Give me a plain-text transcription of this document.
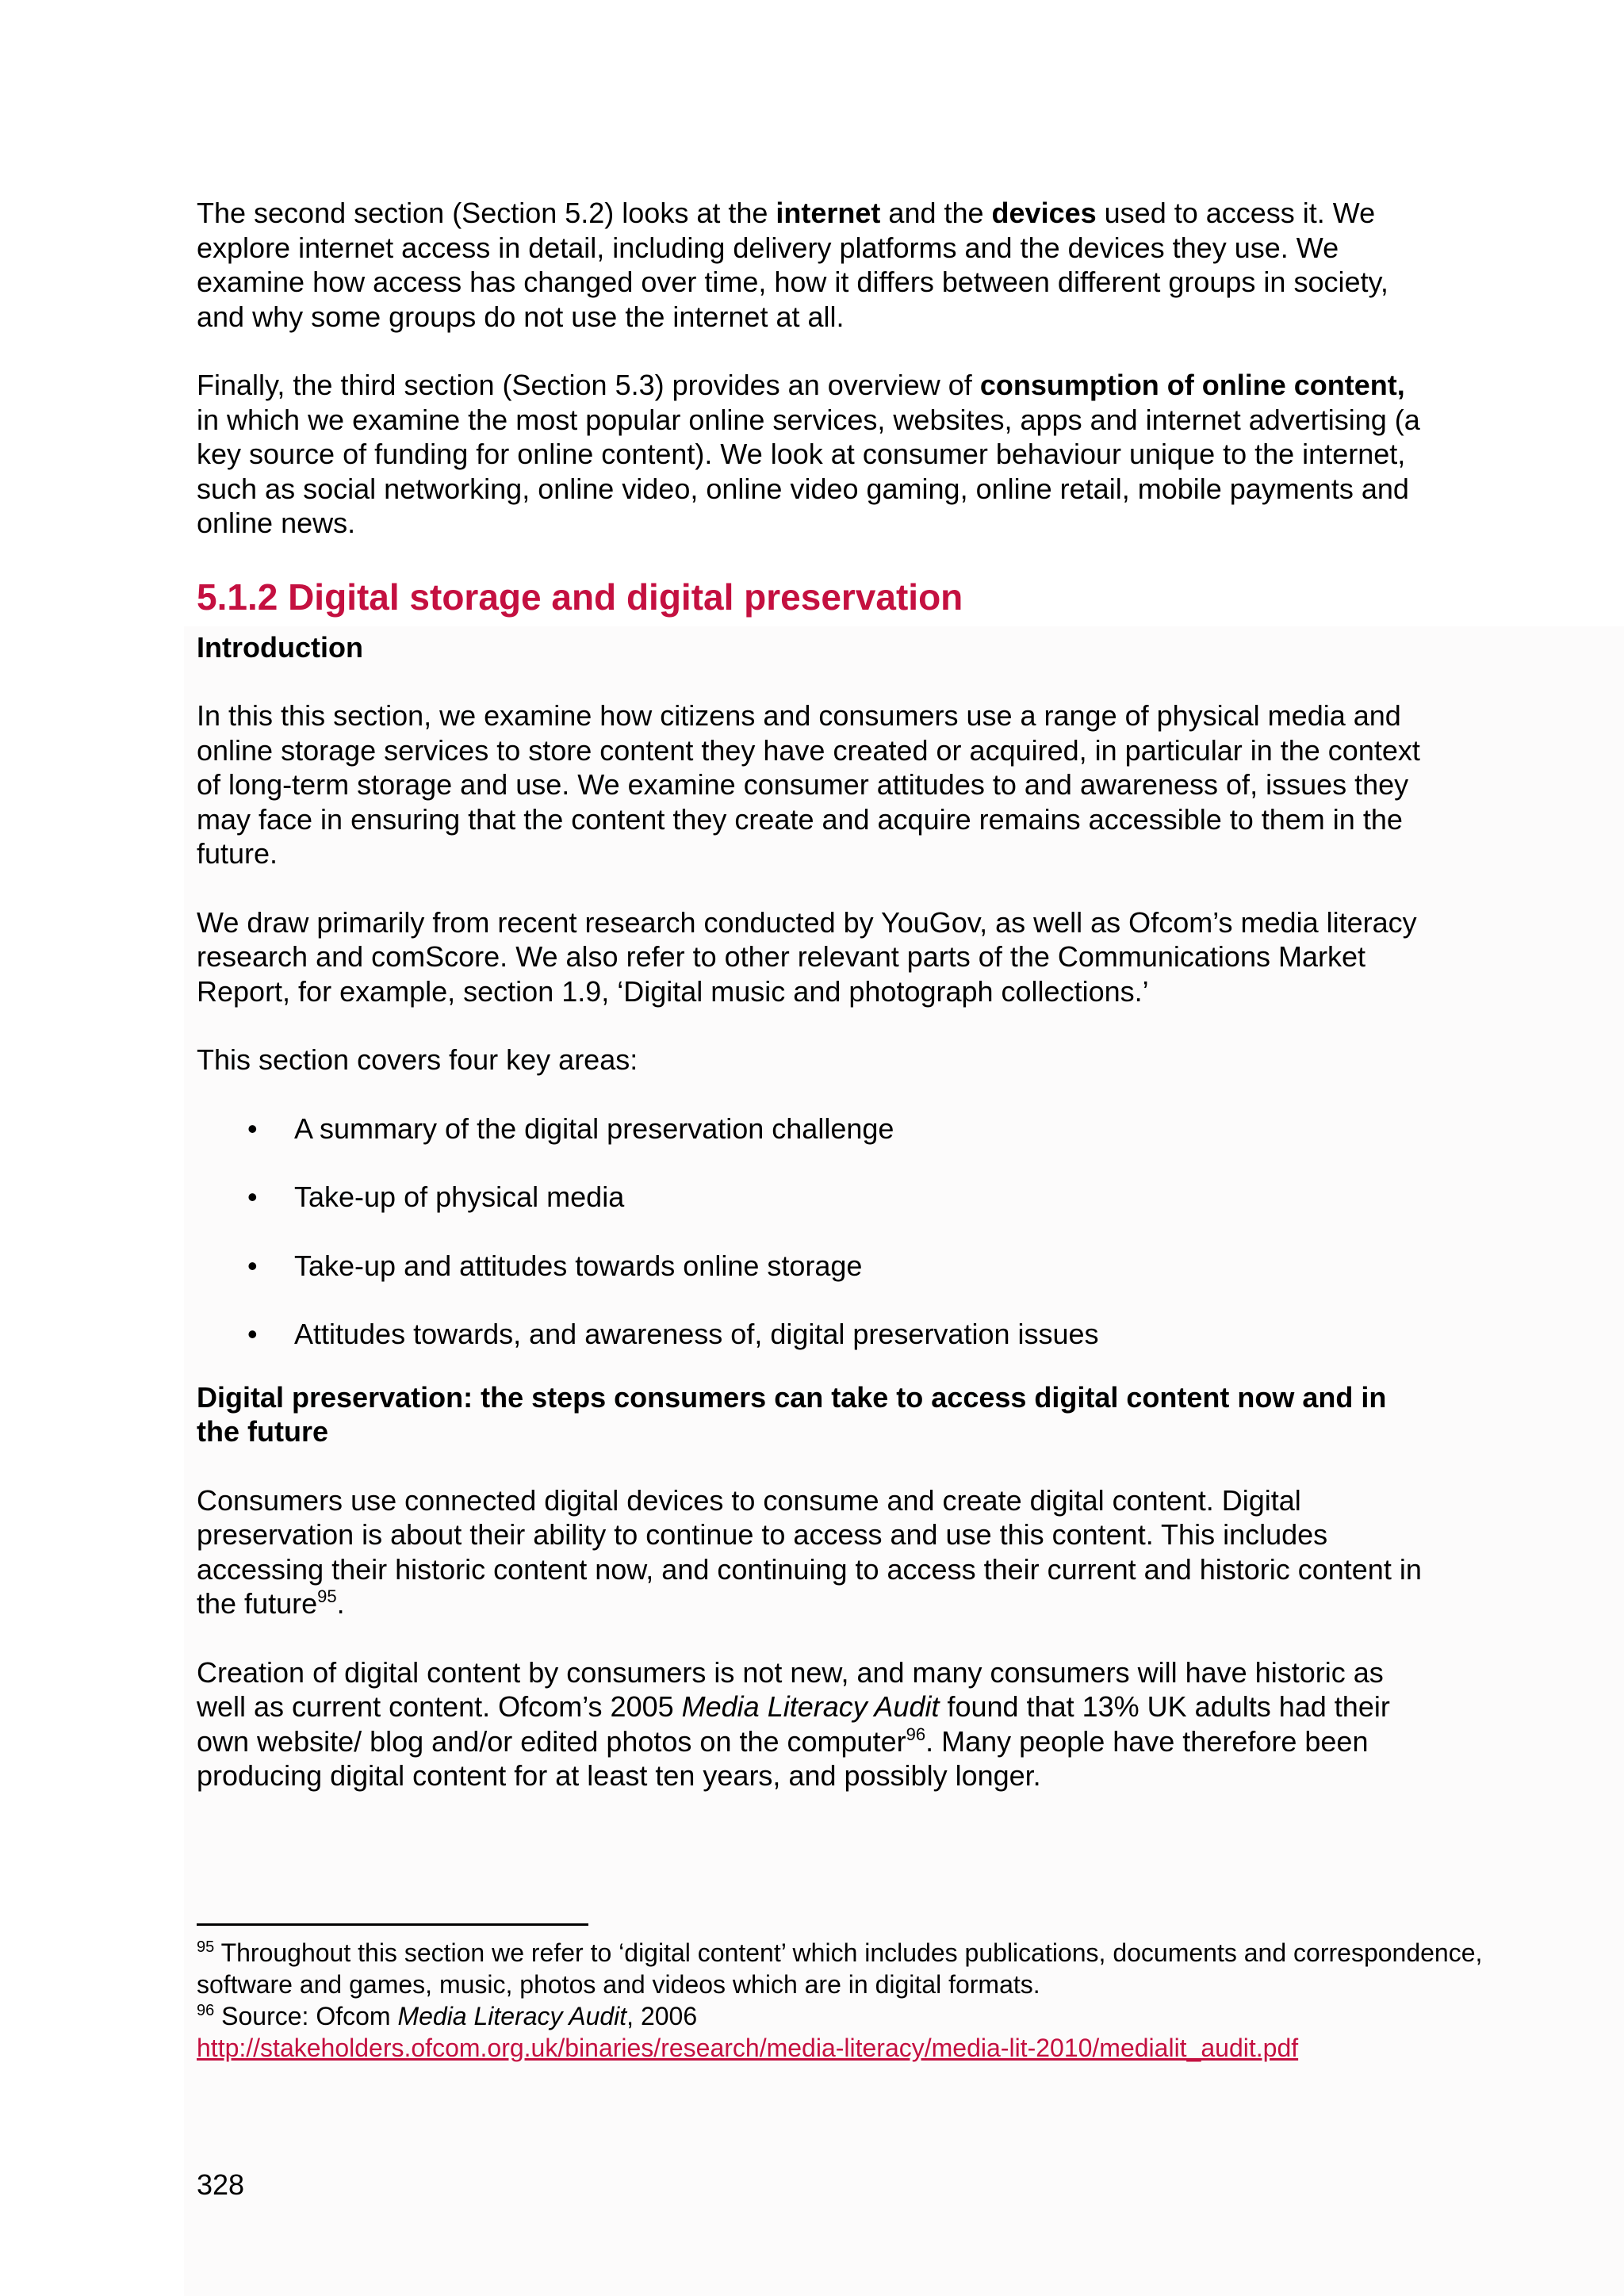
The second section (Section 5.2) looks at the internet and the devices used to access it. We explore internet access in detail, including delivery platforms and the devices they use. We examine how access has changed over time, how it differs between different groups in society, and why some groups do not use the internet at all.

Finally, the third section (Section 5.3) provides an overview of consumption of online content, in which we examine the most popular online services, websites, apps and internet advertising (a key source of funding for online content). We look at consumer behaviour unique to the internet, such as social networking, online video, online video gaming, online retail, mobile payments and online news.

5.1.2 Digital storage and digital preservation
Introduction

In this this section, we examine how citizens and consumers use a range of physical media and online storage services to store content they have created or acquired, in particular in the context of long-term storage and use. We examine consumer attitudes to and awareness of, issues they may face in ensuring that the content they create and acquire remains accessible to them in the future.

We draw primarily from recent research conducted by YouGov, as well as Ofcom’s media literacy research and comScore. We also refer to other relevant parts of the Communications Market Report, for example, section 1.9, ‘Digital music and photograph collections.’

This section covers four key areas:

• A summary of the digital preservation challenge
• Take-up of physical media
• Take-up and attitudes towards online storage
• Attitudes towards, and awareness of, digital preservation issues
Digital preservation: the steps consumers can take to access digital content now and in the future

Consumers use connected digital devices to consume and create digital content. Digital preservation is about their ability to continue to access and use this content. This includes accessing their historic content now, and continuing to access their current and historic content in the future$^{95}$.

Creation of digital content by consumers is not new, and many consumers will have historic as well as current content. Ofcom’s 2005 Media Literacy Audit found that 13% UK adults had their own website/ blog and/or edited photos on the computer$^{96}$. Many people have therefore been producing digital content for at least ten years, and possibly longer.

$^{95}$ Throughout this section we refer to ‘digital content’ which includes publications, documents and correspondence, software and games, music, photos and videos which are in digital formats.

$^{96}$ Source: Ofcom Media Literacy Audit, 2006

http://stakeholders.ofcom.org.uk/binaries/research/media-literacy/media-lit-2010/medialit_audit.pdf

328
